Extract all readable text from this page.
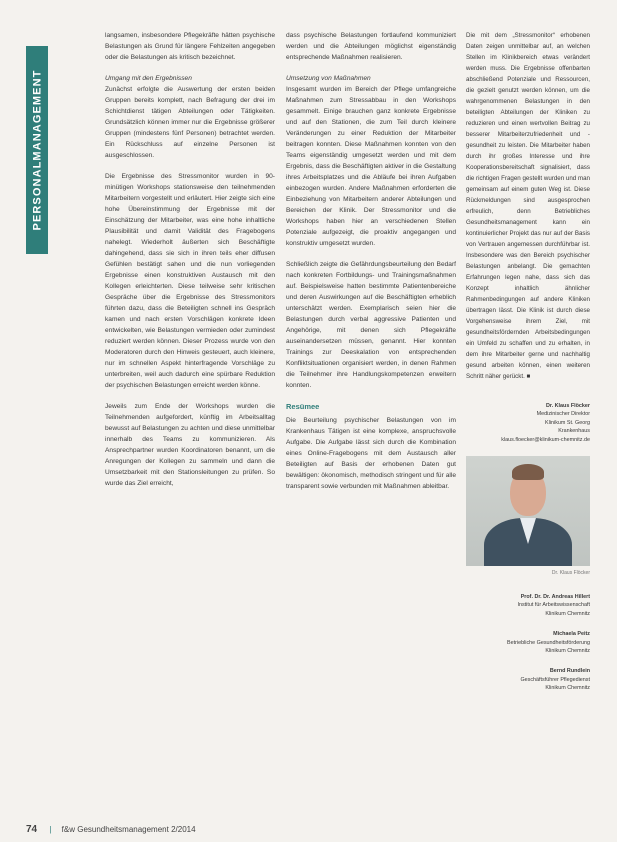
PERSONALMANAGEMENT

langsamen, insbesondere Pflegekräfte hätten psychische Belastungen als Grund für längere Fehlzeiten angegeben oder die Belastungen als kritisch bezeichnet.

Umgang mit den Ergebnissen

Zunächst erfolgte die Auswertung der ersten beiden Gruppen bereits komplett, nach Befragung der drei im Schichtdienst tätigen Abteilungen oder Tätigkeiten. Grundsätzlich können immer nur die Ergebnisse größerer Gruppen (mindestens fünf Personen) betrachtet werden. Ein Rückschluss auf einzelne Personen ist ausgeschlossen.

Die Ergebnisse des Stressmonitor wurden in 90-minütigen Workshops stationsweise den teilnehmenden Mitarbeitern vorgestellt und erläutert. Hier zeigte sich eine hohe Übereinstimmung der Ergebnisse mit der Einschätzung der Mitarbeiter, was eine hohe inhaltliche Plausibilität und damit Validität des Fragebogens nahelegt. Wiederholt äußerten sich Beschäftigte dahingehend, dass sie sich in ihren teils eher diffusen Gefühlen bestätigt sahen und die nun vorliegenden Ergebnisse einen konstruktiven Austausch mit den Kollegen erleichterten. Diese teilweise sehr kritischen Gespräche über die Ergebnisse des Stressmonitors führten dazu, dass die Beteiligten schnell ins Gespräch kamen und nach ersten Vorschlägen konkrete Ideen entwickelten, wie Belastungen vermieden oder zumindest reduziert werden können. Dieser Prozess wurde von den Moderatoren durch den Hinweis gesteuert, auch kleinere, nur im schnellen Aspekt hinterfragende Vorschläge zu unterbreiten, weil auch dadurch eine spürbare Reduktion der psychischen Belastungen erreicht werden könne.

Jeweils zum Ende der Workshops wurden die Teilnehmenden aufgefordert, künftig im Arbeitsalltag bewusst auf Belastungen zu achten und diese unmittelbar innerhalb des Teams zu kommunizieren. Als Ansprechpartner wurden Koordinatoren benannt, um die Anregungen der Kollegen zu sammeln und dann die Umsetzbarkeit mit den Stationsleitungen zu prüfen. So wurde das Ziel erreicht,

dass psychische Belastungen fortlaufend kommuniziert werden und die Abteilungen möglichst eigenständig entsprechende Maßnahmen realisieren.

Umsetzung von Maßnahmen

Insgesamt wurden im Bereich der Pflege umfangreiche Maßnahmen zum Stressabbau in den Workshops gesammelt. Einige brauchen ganz konkrete Ergebnisse und auf den Stationen, die zum Teil durch kleinere Veränderungen zu einer Reduktion der Mitarbeiter beitragen konnten. Diese Maßnahmen konnten von den Teams eigenständig umgesetzt werden und mit dem Ergebnis, dass die Beschäftigten aktiver in die Gestaltung ihres Arbeitsplatzes und die Abläufe bei ihren Aufgaben einbezogen wurden. Andere Maßnahmen erforderten die Einbeziehung von Mitarbeitern anderer Abteilungen und Bereichen der Klinik. Der Stressmonitor und die Workshops haben hier an verschiedenen Stellen Potenziale aufgezeigt, die proaktiv angegangen und konstruktiv umgesetzt wurden.

Schließlich zeigte die Gefährdungsbeurteilung den Bedarf nach konkreten Fortbildungs- und Trainingsmaßnahmen auf. Beispielsweise hatten bestimmte Patientenbereiche und deren Auswirkungen auf die Beschäftigten erheblich unterschätzt werden. Exemplarisch seien hier die Belastungen durch verbal aggressive Patienten und Angehörige, mit denen sich Pflegekräfte auseinandersetzen müssen, genannt. Hier konnten Trainings zur Deeskalation von entsprechenden Konfliktsituationen organisiert werden, in denen Rahmen die Teilnehmer ihre Handlungskompetenzen erweitern konnten.

Resümee

Die Beurteilung psychischer Belastungen von im Krankenhaus Tätigen ist eine komplexe, anspruchsvolle Aufgabe. Die Aufgabe lässt sich durch die Kombination eines Online-Fragebogens mit dem Austausch aller Beteiligten auf Basis der erhobenen Daten gut bewältigen: ökonomisch, methodisch stringent und für alle transparent sowie verbunden mit Maßnahmen ableitbar.

Die mit dem „Stressmonitor“ erhobenen Daten zeigen unmittelbar auf, an welchen Stellen im Klinikbereich etwas verändert werden muss. Die Ergebnisse offenbarten abschließend Potenziale und Ressourcen, die gezielt genutzt werden können, um die wahrgenommenen Belastungen in den beteiligten Abteilungen der Kliniken zu reduzieren und einen wertvollen Beitrag zu besserer Mitarbeiterzufriedenheit und -gesundheit zu leisten. Die Mitarbeiter haben durch ihr großes Interesse und ihre Kooperationsbereitschaft signalisiert, dass die richtigen Fragen gestellt wurden und man gemeinsam auf einem guten Weg ist. Diese Rückmeldungen sind ausgesprochen erfreulich, denn Betriebliches Gesundheitsmanagement kann ein kontinuierlicher Projekt das nur auf der Basis von Vertrauen angemessen durchführbar ist. Insbesondere was den Bereich psychischer Belastungen anbelangt. Die gemachten Erfahrungen legen nahe, dass sich das Konzept inhaltlich ähnlicher Rahmenbedingungen auf andere Kliniken übertragen lässt. Die Klinik ist durch diese Vorgehensweise ihrem Ziel, mit gesundheitsfördernden Arbeitsbedingungen ein Umfeld zu schaffen und zu erhalten, in dem ihre Mitarbeiter gerne und nachhaltig gesund arbeiten können, einen weiteren Schritt näher gerückt. ■

Dr. Klaus Flöcker
Medizinischer Direktor
Klinikum St. Georg
Krankenhaus
klaus.floecker@klinikum-chemnitz.de
Dr. Klaus Flöcker
Prof. Dr. Dr. Andreas Hillert
Institut für Arbeitswissenschaft
Klinikum Chemnitz
Michaela Peitz
Betriebliche Gesundheitsförderung
Klinikum Chemnitz
Bernd Rundlein
Geschäftsführer Pflegedienst
Klinikum Chemnitz
74 | f&w Gesundheitsmanagement 2/2014
